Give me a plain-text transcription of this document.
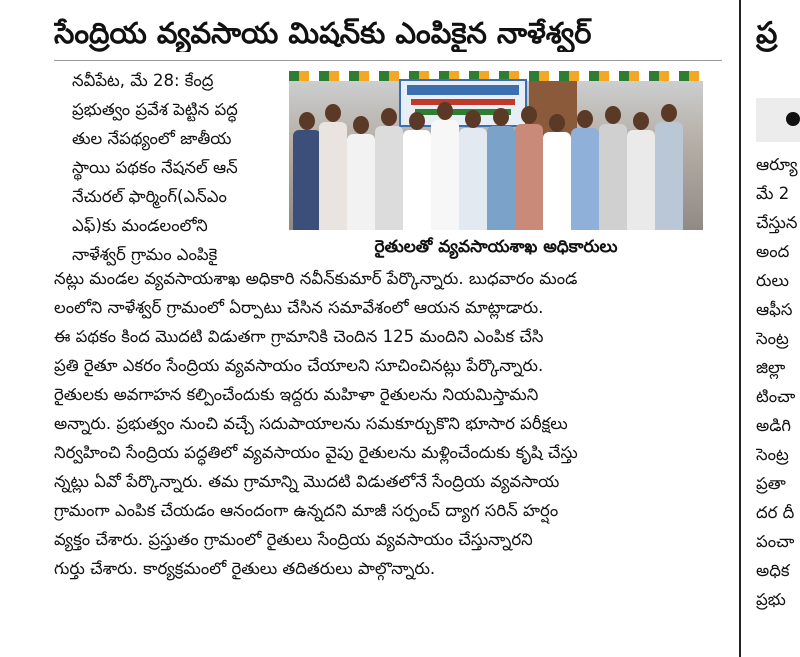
సేంద్రియ వ్యవసాయ మిషన్‌కు ఎంపికైన నాళేశ్వర్
నవీపేట, మే 28: కేంద్ర
ప్రభుత్వం ప్రవేశ పెట్టిన పద్ధ
తుల నేపథ్యంలో జాతీయ
స్థాయి పథకం నేషనల్ ఆన్
నేచురల్ ఫార్మింగ్(ఎన్ఎం
ఎఫ్)కు మండలంలోని
నాళేశ్వర్ గ్రామం ఎంపికై	రైతులతో వ్యవసాయశాఖ అధికారులు
నట్లు మండల వ్యవసాయశాఖ అధికారి నవీన్‌కుమార్ పేర్కొన్నారు. బుధవారం మండ
లంలోని నాళేశ్వర్ గ్రామంలో ఏర్పాటు చేసిన సమావేశంలో ఆయన మాట్లాడారు.
ఈ పథకం కింద మొదటి విడుతగా గ్రామానికి చెందిన 125 మందిని ఎంపిక చేసి
ప్రతి రైతూ ఎకరం సేంద్రియ వ్యవసాయం చేయాలని సూచించినట్లు పేర్కొన్నారు.
రైతులకు అవగాహన కల్పించేందుకు ఇద్దరు మహిళా రైతులను నియమిస్తామని
అన్నారు. ప్రభుత్వం నుంచి వచ్చే సదుపాయాలను సమకూర్చుకొని భూసార పరీక్షలు
నిర్వహించి సేంద్రియ పద్ధతిలో వ్యవసాయం వైపు రైతులను మళ్లించేందుకు కృషి చేస్తు
న్నట్లు ఏవో పేర్కొన్నారు. తమ గ్రామాన్ని మొదటి విడుతలోనే సేంద్రియ వ్యవసాయ
గ్రామంగా ఎంపిక చేయడం ఆనందంగా ఉన్నదని మాజీ సర్పంచ్ ద్యాగ సరిన్ హర్షం
వ్యక్తం చేశారు. ప్రస్తుతం గ్రామంలో రైతులు సేంద్రియ వ్యవసాయం చేస్తున్నారని
గుర్తు చేశారు. కార్యక్రమంలో రైతులు తదితరులు పాల్గొన్నారు.
ప్ర
ఆర్యూ
మే 2
చేస్తున
అంద
రులు
ఆఫీస
సెంట్ర
జిల్లా
టించా
అడిగి
సెంట్ర
ప్రతా
దర దీ
పంచా
అధిక
ప్రభు
